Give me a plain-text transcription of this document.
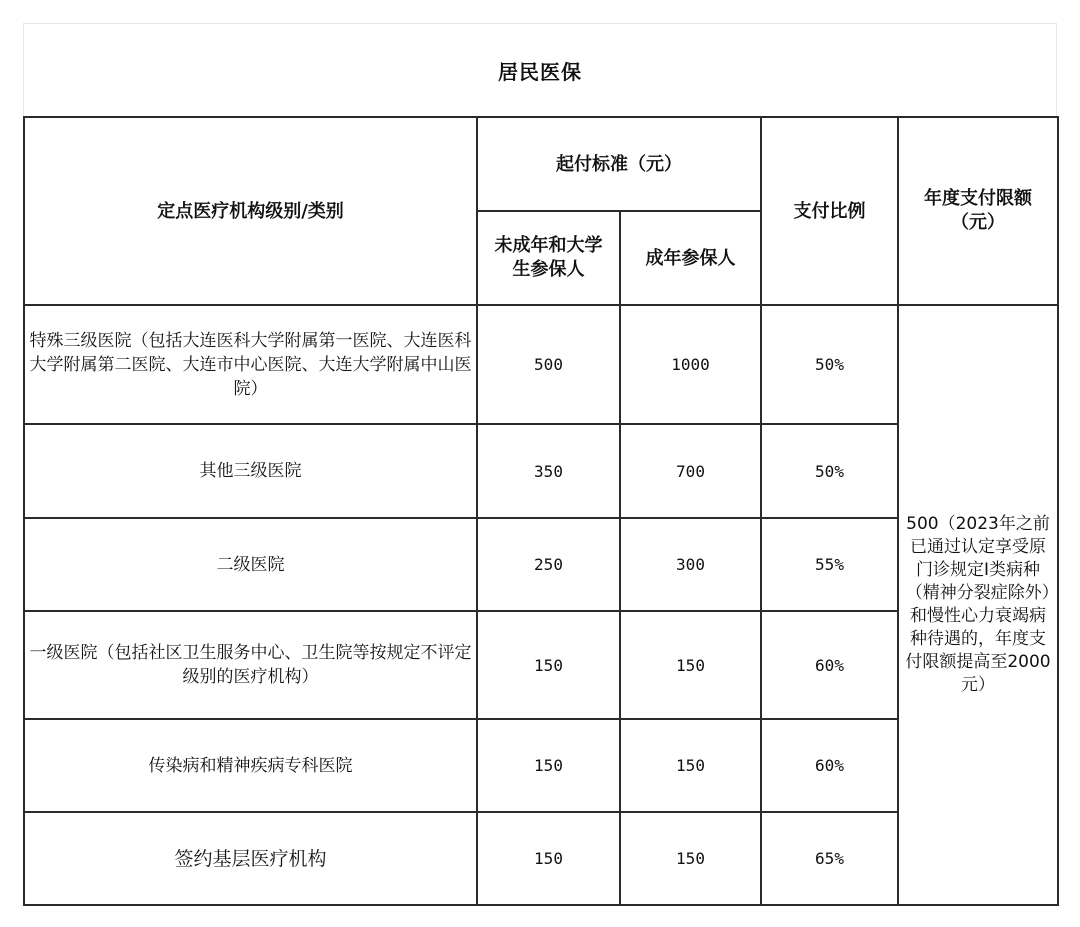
居民医保
定点医疗机构级别/类别	起付标准（元）		支付比例	年度支付限额（元）
	未成年和大学生参保人	成年参保人		
特殊三级医院（包括大连医科大学附属第一医院、大连医科大学附属第二医院、大连市中心医院、大连大学附属中山医院）	500	1000	50%	500（2023年之前已通过认定享受原门诊规定Ⅰ类病种（精神分裂症除外）和慢性心力衰竭病种待遇的，年度支付限额提高至2000元）
其他三级医院	350	700	50%	
二级医院	250	300	55%	
一级医院（包括社区卫生服务中心、卫生院等按规定不评定级别的医疗机构）	150	150	60%	
传染病和精神疾病专科医院	150	150	60%	
签约基层医疗机构	150	150	65%	
